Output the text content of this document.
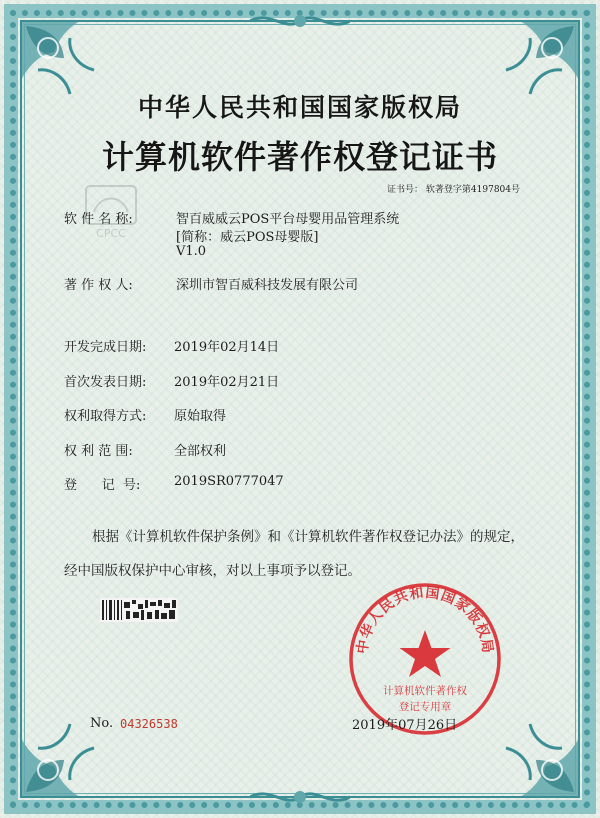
中华人民共和国国家版权局
计算机软件著作权登记证书
证书号： 软著登字第4197804号
CPCC
软 件 名 称:	智百威威云POS平台母婴用品管理系统
[简称：威云POS母婴版]
V1.0
著 作 权 人:	深圳市智百威科技发展有限公司
开发完成日期: 2019年02月14日
首次发表日期: 2019年02月21日
权利取得方式: 原始取得
权 利 范 围:	全部权利
登      记  号:	2019SR0777047
根据《计算机软件保护条例》和《计算机软件著作权登记办法》的规定，经中国版权保护中心审核，对以上事项予以登记。
中华人民共和国国家版权局
计算机软件著作权
登记专用章
No. 04326538	2019年07月26日
